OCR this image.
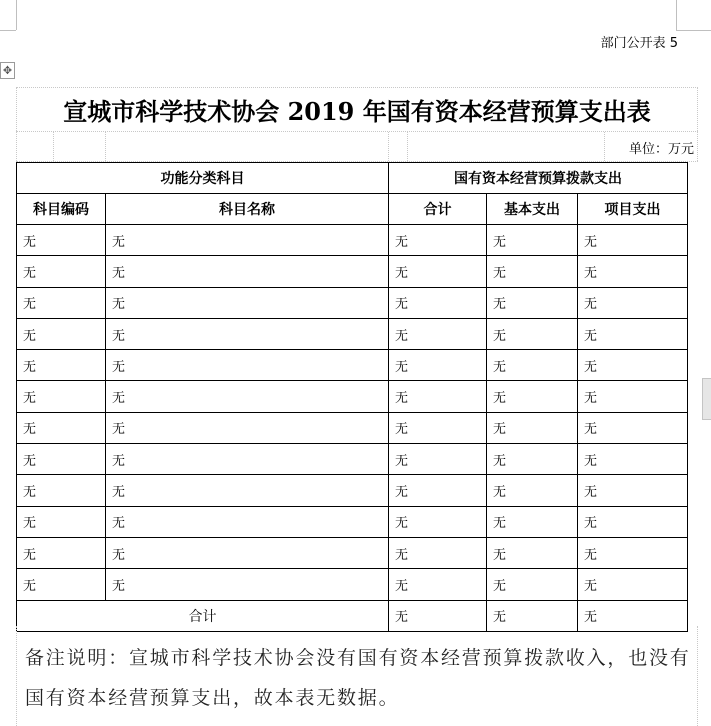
部门公开表 5
✥
宣城市科学技术协会 2019 年国有资本经营预算支出表
单位：万元
功能分类科目		国有资本经营预算拨款支出		
科目编码	科目名称	合计	基本支出	项目支出
无	无	无	无	无
无	无	无	无	无
无	无	无	无	无
无	无	无	无	无
无	无	无	无	无
无	无	无	无	无
无	无	无	无	无
无	无	无	无	无
无	无	无	无	无
无	无	无	无	无
无	无	无	无	无
无	无	无	无	无
合计		无	无	无
备注说明：宣城市科学技术协会没有国有资本经营预算拨款收入，也没有国有资本经营预算支出，故本表无数据。
